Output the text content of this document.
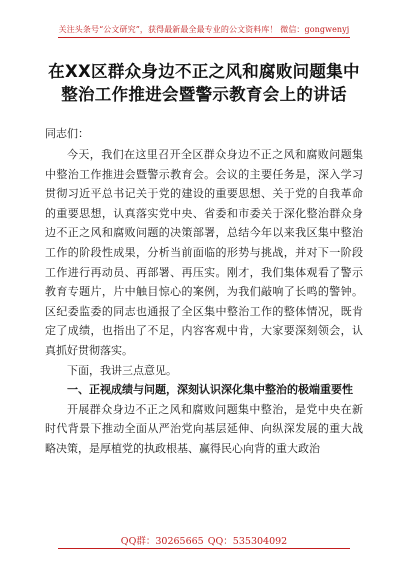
关注头条号“公文研究”，获得最新最全最专业的公文资料库！ 微信：gongwenyj
在XX区群众身边不正之风和腐败问题集中整治工作推进会暨警示教育会上的讲话
同志们：

今天，我们在这里召开全区群众身边不正之风和腐败问题集中整治工作推进会暨警示教育会。会议的主要任务是，深入学习贯彻习近平总书记关于党的建设的重要思想、关于党的自我革命的重要思想，认真落实党中央、省委和市委关于深化整治群众身边不正之风和腐败问题的决策部署，总结今年以来我区集中整治工作的阶段性成果，分析当前面临的形势与挑战，并对下一阶段工作进行再动员、再部署、再压实。刚才，我们集体观看了警示教育专题片，片中触目惊心的案例，为我们敲响了长鸣的警钟。区纪委监委的同志也通报了全区集中整治工作的整体情况，既肯定了成绩，也指出了不足，内容客观中肯，大家要深刻领会，认真抓好贯彻落实。

下面，我讲三点意见。

一、正视成绩与问题，深刻认识深化集中整治的极端重要性

开展群众身边不正之风和腐败问题集中整治，是党中央在新时代背景下推动全面从严治党向基层延伸、向纵深发展的重大战略决策，是厚植党的执政根基、赢得民心向背的重大政治

QQ群：30265665 QQ：535304092
